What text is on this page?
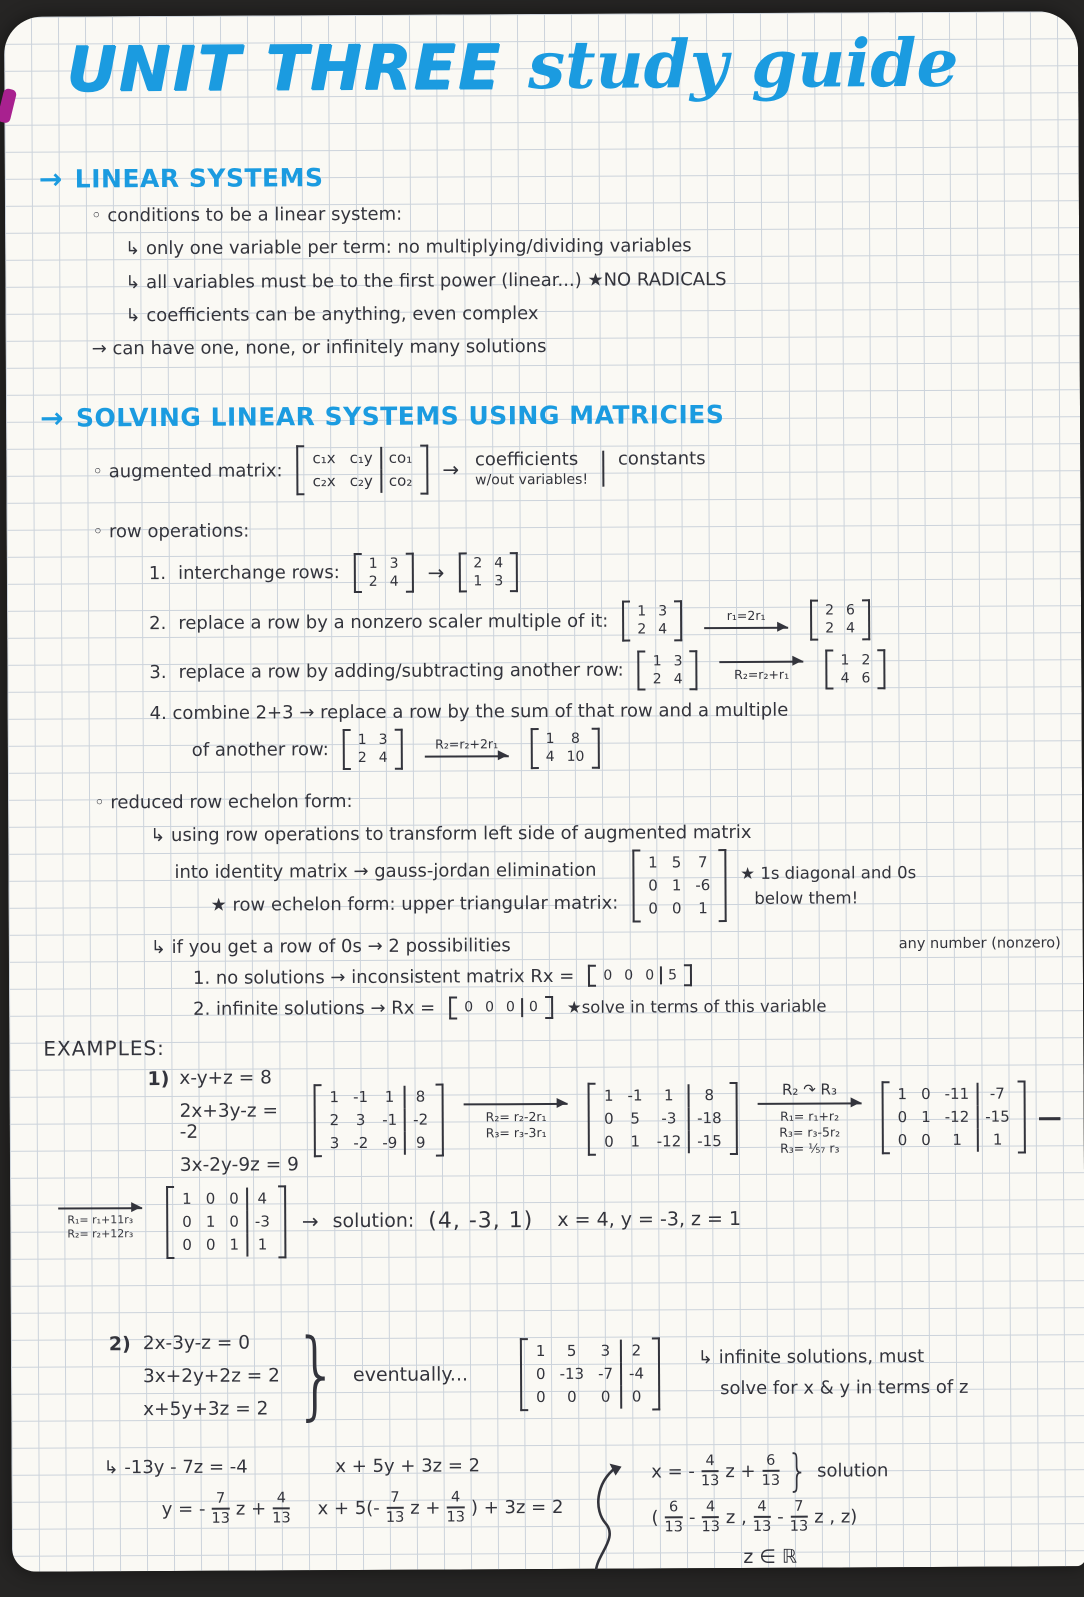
UNIT THREE study guide
→ LINEAR SYSTEMS
◦ conditions to be a linear system:
↳ only one variable per term: no multiplying/dividing variables
↳ all variables must be to the first power (linear...) ★NO RADICALS
↳ coefficients can be anything, even complex
→ can have one, none, or infinitely many solutions
→ SOLVING LINEAR SYSTEMS USING MATRICIES
◦ augmented matrix:
c₁x c₁y	co₁
c₂x c₂y	co₂	→ coefficients
w/out variables!
constants
◦ row operations:
1. interchange rows:	1 3
2 4	→	2 4
1 3
2. replace a row by a nonzero scaler multiple of it:	1 3
2 4
r₁=2r₁	2 6
2 4
3. replace a row by adding/subtracting another row:	1 3
2 4	R₂=r₂+r₁
1 2
4 6
4. combine 2+3 → replace a row by the sum of that row and a multiple
of another row:	1 3
2 4
R₂=r₂+2r₁	1	8
4 10
◦ reduced row echelon form:
↳ using row operations to transform left side of augmented matrix
into identity matrix → gauss-jordan elimination
★ row echelon form: upper triangular matrix:
1 5	7
0 1 -6
0 0	1
★ 1s diagonal and 0s
below them!
↳ if you get a row of 0s → 2 possibilities	any number (nonzero)
1. no solutions → inconsistent matrix Rx =	0 0 0 5
2. infinite solutions → Rx =	0 0 0 0	★solve in terms of this variable
EXAMPLES:
1) x-y+z = 8
2x+3y-z = -2
3x-2y-9z = 9
1 -1	1	8
2	3	-1	-2
3 -2 -9	9
R₂= r₂-2r₁
R₃= r₃-3r₁
1 -1	1	8
0	5	-3	-18
0	1	-12	-15
R₂ ↷ R₃
R₁= r₁+r₂
R₃= r₃-5r₂
R₃= ¹⁄₅₇ r₃
1 0 -11	-7
0 1 -12	-15
0 0	1	1
—
R₁= r₁+11r₃
R₂= r₂+12r₃
1 0 0	4
0 1 0	-3
0 0 1	1
→ solution: (4, -3, 1) x = 4, y = -3, z = 1
2) 2x-3y-z = 0
3x+2y+2z = 2
x+5y+3z = 2 } eventually...
1	5	3	2
0 -13 -7	-4
0	0	0	0
↳ infinite solutions, must
solve for x & y in terms of z
↳ -13y - 7z = -4
y = - $\frac{7}{13}$ $z + \frac{4}{13}$
x + 5y + 3z = 2
$x + 5(- \frac{7}{13}$ $z + \frac{4}{13}$ ) + 3z = 2
x = - $\frac{4}{13}$ $z + \frac{6}{13}$ } solution
( $\frac{6}{13} - \frac{4}{13}$ z , $\frac{4}{13} - \frac{7}{13}$ z , z)
z ∈ ℝ
